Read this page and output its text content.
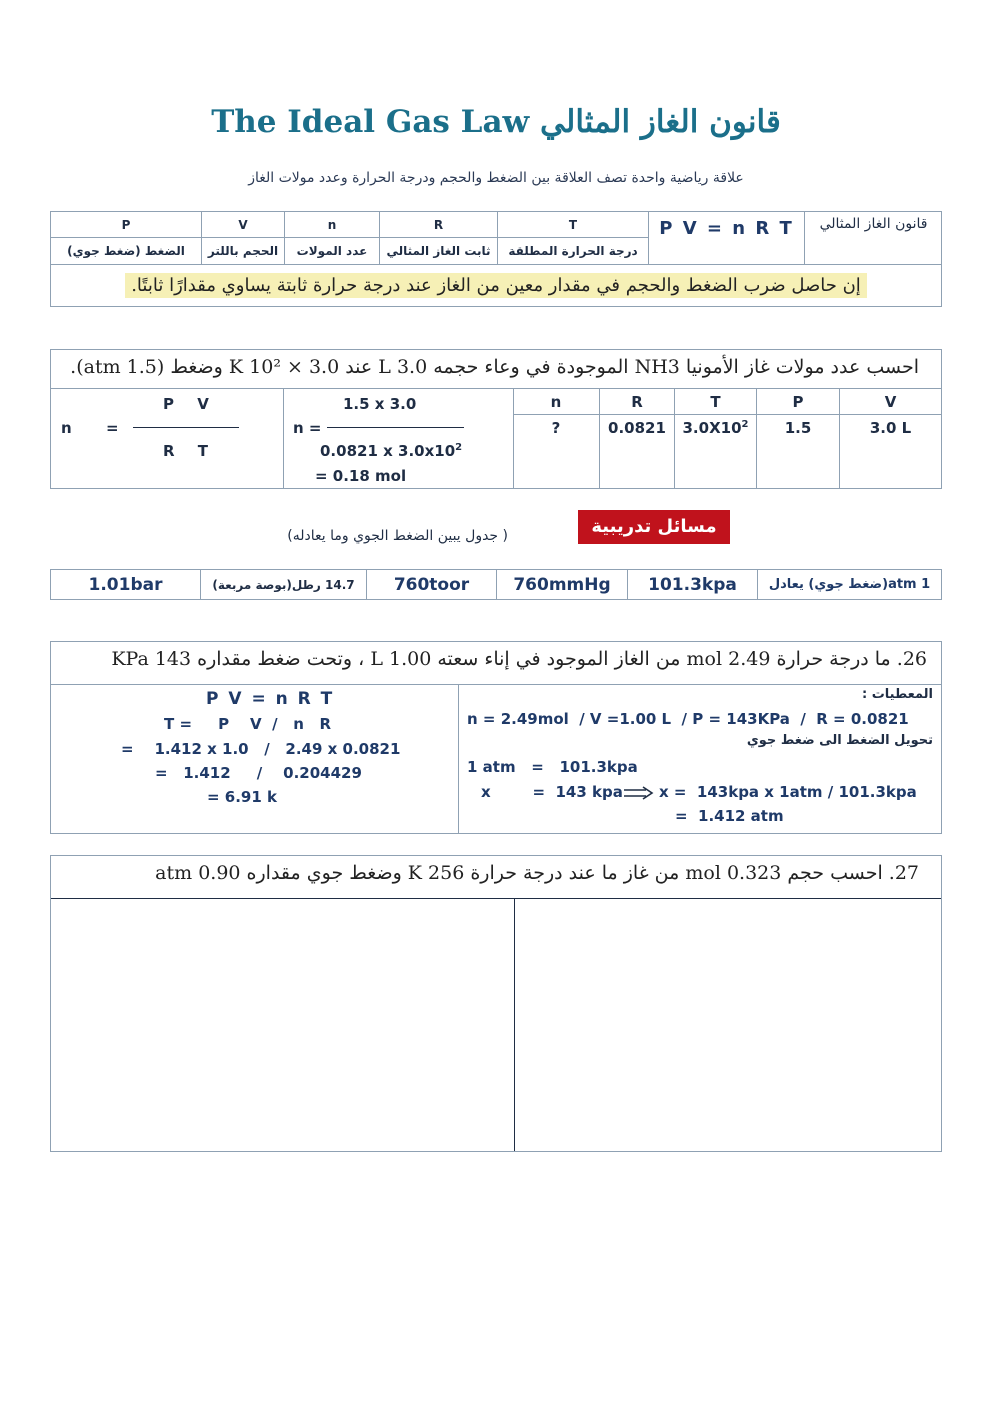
The Ideal Gas Law قانون الغاز المثالي
علاقة رياضية واحدة تصف العلاقة بين الضغط والحجم ودرجة الحرارة وعدد مولات الغاز
P	V	n	R	T
الضغط (ضغط جوي)	الحجم باللتر	عدد المولات	ثابت الغاز المثالي	درجة الحرارة المطلقة
P V = n R T	قانون الغاز المثالي
إن حاصل ضرب الضغط والحجم في مقدار معين من الغاز عند درجة حرارة ثابتة يساوي مقدارًا ثابتًا.
احسب عدد مولات غاز الأمونيا NH3 الموجودة في وعاء حجمه 3.0 L عند 3.0 × 10² K وضغط (1.5 atm).
n =
P V
R T
1.5 x 3.0
n =
0.0821 x $3.0x10^2$
= 0.18 mol
n	R	T	P	V
?	0.0821	$3.0X10^2$	1.5	3.0 L
مسائل تدريبية
( جدول يبين الضغط الجوي وما يعادله)
1.01bar	14.7 رطل(بوصة مربعة)	760toor	760mmHg	101.3kpa	1 atm(ضغط جوي) يعادل
26. ما درجة حرارة 2.49 mol من الغاز الموجود في إناء سعته 1.00 L ، وتحت ضغط مقداره 143 KPa
P V = n R T
T =     P    V  /   n   R
=    1.412 x 1.0   /   2.49 x 0.0821
=   1.412     /    0.204429
= 6.91 k
المعطيات :
n = 2.49mol  / V =1.00 L  / P = 143KPa  /  R = 0.0821
تحويل الضغط الى ضغط جوي
1 atm   =   101.3kpa
x        =  143 kpa x =  143kpa x 1atm / 101.3kpa
=  1.412 atm
27. احسب حجم 0.323 mol من غاز ما عند درجة حرارة 256 K وضغط جوي مقداره 0.90 atm
